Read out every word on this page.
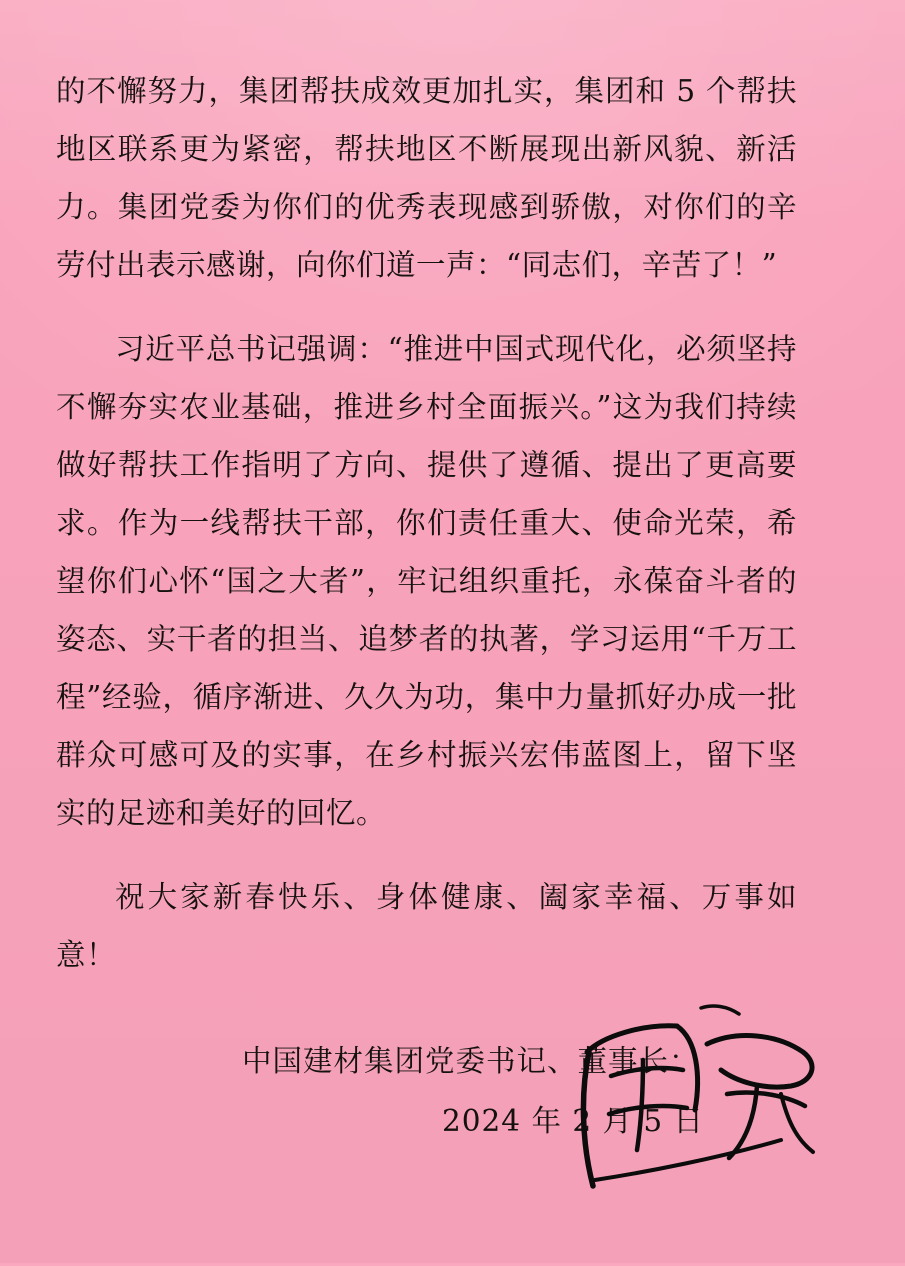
的不懈努力，集团帮扶成效更加扎实，集团和 5 个帮扶地区联系更为紧密，帮扶地区不断展现出新风貌、新活力。集团党委为你们的优秀表现感到骄傲，对你们的辛劳付出表示感谢，向你们道一声：“同志们，辛苦了！”

习近平总书记强调：“推进中国式现代化，必须坚持不懈夯实农业基础，推进乡村全面振兴。”这为我们持续做好帮扶工作指明了方向、提供了遵循、提出了更高要求。作为一线帮扶干部，你们责任重大、使命光荣，希望你们心怀“国之大者”，牢记组织重托，永葆奋斗者的姿态、实干者的担当、追梦者的执著，学习运用“千万工程”经验，循序渐进、久久为功，集中力量抓好办成一批群众可感可及的实事，在乡村振兴宏伟蓝图上，留下坚实的足迹和美好的回忆。

祝大家新春快乐、身体健康、阖家幸福、万事如意！

中国建材集团党委书记、董事长：
2024 年 2 月 5 日
